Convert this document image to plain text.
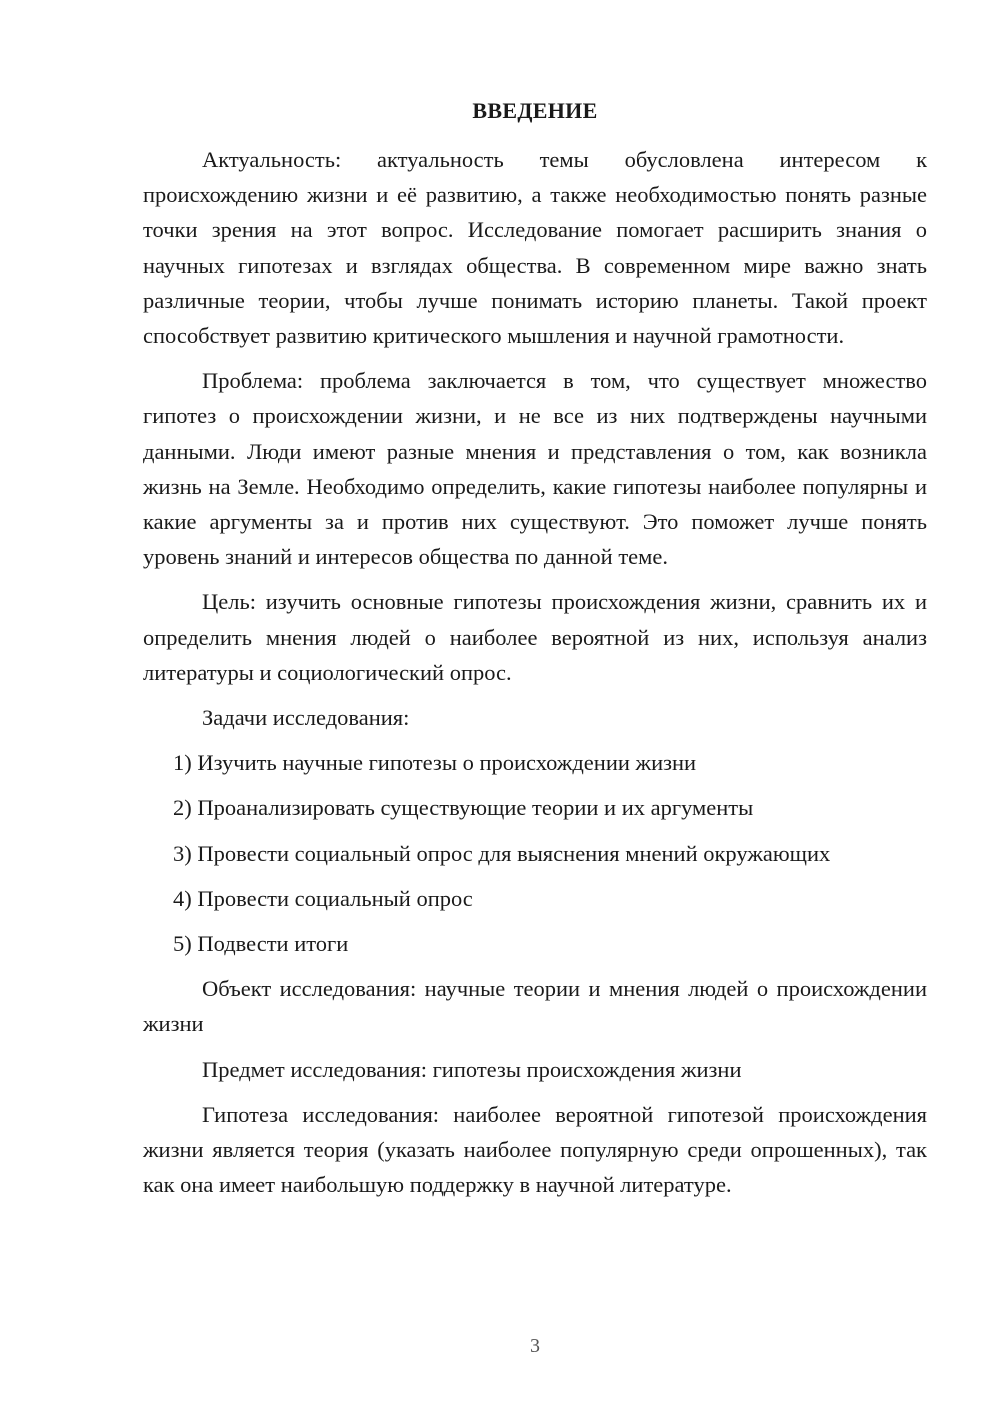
ВВЕДЕНИЕ

Актуальность: актуальность темы обусловлена интересом к происхождению жизни и её развитию, а также необходимостью понять разные точки зрения на этот вопрос. Исследование помогает расширить знания о научных гипотезах и взглядах общества. В современном мире важно знать различные теории, чтобы лучше понимать историю планеты. Такой проект способствует развитию критического мышления и научной грамотности.

Проблема: проблема заключается в том, что существует множество гипотез о происхождении жизни, и не все из них подтверждены научными данными. Люди имеют разные мнения и представления о том, как возникла жизнь на Земле. Необходимо определить, какие гипотезы наиболее популярны и какие аргументы за и против них существуют. Это поможет лучше понять уровень знаний и интересов общества по данной теме.

Цель: изучить основные гипотезы происхождения жизни, сравнить их и определить мнения людей о наиболее вероятной из них, используя анализ литературы и социологический опрос.

Задачи исследования:

1) Изучить научные гипотезы о происхождении жизни

2) Проанализировать существующие теории и их аргументы

3) Провести социальный опрос для выяснения мнений окружающих

4) Провести социальный опрос

5) Подвести итоги

Объект исследования: научные теории и мнения людей о происхождении жизни

Предмет исследования: гипотезы происхождения жизни

Гипотеза исследования: наиболее вероятной гипотезой происхождения жизни является теория (указать наиболее популярную среди опрошенных), так как она имеет наибольшую поддержку в научной литературе.

3
